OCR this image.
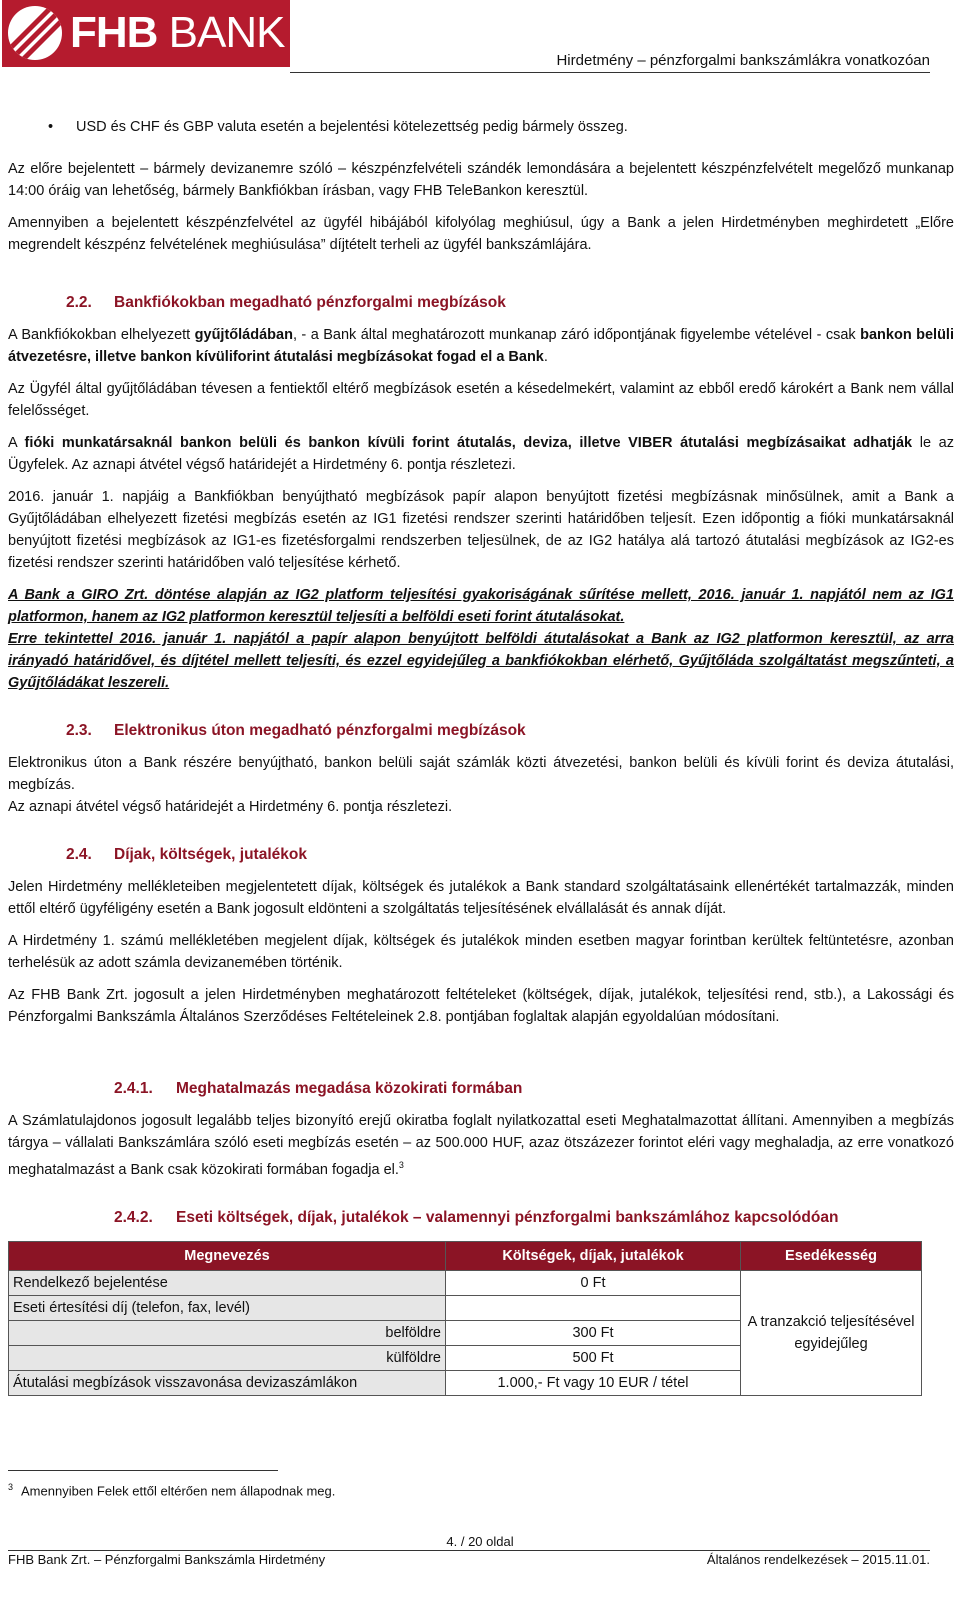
FHB BANK
Hirdetmény – pénzforgalmi bankszámlákra vonatkozóan
•	USD és CHF és GBP valuta esetén a bejelentési kötelezettség pedig bármely összeg.

Az előre bejelentett – bármely devizanemre szóló – készpénzfelvételi szándék lemondására a bejelentett készpénzfelvételt megelőző munkanap 14:00 óráig van lehetőség, bármely Bankfiókban írásban, vagy FHB TeleBankon keresztül.

Amennyiben a bejelentett készpénzfelvétel az ügyfél hibájából kifolyólag meghiúsul, úgy a Bank a jelen Hirdetményben meghirdetett „Előre megrendelt készpénz felvételének meghiúsulása” díjtételt terheli az ügyfél bankszámlájára.

2.2.	Bankfiókokban megadható pénzforgalmi megbízások

A Bankfiókokban elhelyezett gyűjtőládában, - a Bank által meghatározott munkanap záró időpontjának figyelembe vételével - csak bankon belüli átvezetésre, illetve bankon kívüliforint átutalási megbízásokat fogad el a Bank.

Az Ügyfél által gyűjtőládában tévesen a fentiektől eltérő megbízások esetén a késedelmekért, valamint az ebből eredő károkért a Bank nem vállal felelősséget.

A fióki munkatársaknál bankon belüli és bankon kívüli forint átutalás, deviza, illetve VIBER átutalási megbízásaikat adhatják le az Ügyfelek. Az aznapi átvétel végső határidejét a Hirdetmény 6. pontja részletezi.

2016. január 1. napjáig a Bankfiókban benyújtható megbízások papír alapon benyújtott fizetési megbízásnak minősülnek, amit a Bank a Gyűjtőládában elhelyezett fizetési megbízás esetén az IG1 fizetési rendszer szerinti határidőben teljesít. Ezen időpontig a fióki munkatársaknál benyújtott fizetési megbízások az IG1-es fizetésforgalmi rendszerben teljesülnek, de az IG2 hatálya alá tartozó átutalási megbízások az IG2-es fizetési rendszer szerinti határidőben való teljesítése kérhető.

A Bank a GIRO Zrt. döntése alapján az IG2 platform teljesítési gyakoriságának sűrítése mellett, 2016. január 1. napjától nem az IG1 platformon, hanem az IG2 platformon keresztül teljesíti a belföldi eseti forint átutalásokat.

Erre tekintettel 2016. január 1. napjától a papír alapon benyújtott belföldi átutalásokat a Bank az IG2 platformon keresztül, az arra irányadó határidővel, és díjtétel mellett teljesíti, és ezzel egyidejűleg a bankfiókokban elérhető, Gyűjtőláda szolgáltatást megszűnteti, a Gyűjtőládákat leszereli.

2.3.	Elektronikus úton megadható pénzforgalmi megbízások

Elektronikus úton a Bank részére benyújtható, bankon belüli saját számlák közti átvezetési, bankon belüli és kívüli forint és deviza átutalási, megbízás.

Az aznapi átvétel végső határidejét a Hirdetmény 6. pontja részletezi.

2.4.	Díjak, költségek, jutalékok

Jelen Hirdetmény mellékleteiben megjelentetett díjak, költségek és jutalékok a Bank standard szolgáltatásaink ellenértékét tartalmazzák, minden ettől eltérő ügyféligény esetén a Bank jogosult eldönteni a szolgáltatás teljesítésének elvállalását és annak díját.

A Hirdetmény 1. számú mellékletében megjelent díjak, költségek és jutalékok minden esetben magyar forintban kerültek feltüntetésre, azonban terhelésük az adott számla devizanemében történik.

Az FHB Bank Zrt. jogosult a jelen Hirdetményben meghatározott feltételeket (költségek, díjak, jutalékok, teljesítési rend, stb.), a Lakossági és Pénzforgalmi Bankszámla Általános Szerződéses Feltételeinek 2.8. pontjában foglaltak alapján egyoldalúan módosítani.

2.4.1.	Meghatalmazás megadása közokirati formában

A Számlatulajdonos jogosult legalább teljes bizonyító erejű okiratba foglalt nyilatkozattal eseti Meghatalmazottat állítani. Amennyiben a megbízás tárgya – vállalati Bankszámlára szóló eseti megbízás esetén – az 500.000 HUF, azaz ötszázezer forintot eléri vagy meghaladja, az erre vonatkozó meghatalmazást a Bank csak közokirati formában fogadja el.$^3$

2.4.2.	Eseti költségek, díjak, jutalékok – valamennyi pénzforgalmi bankszámlához kapcsolódóan
Megnevezés	Költségek, díjak, jutalékok	Esedékesség
Rendelkező bejelentése	0 Ft	A tranzakció teljesítésével egyidejűleg
Eseti értesítési díj (telefon, fax, levél)		
belföldre	300 Ft	
külföldre	500 Ft	
Átutalási megbízások visszavonása devizaszámlákon	1.000,- Ft vagy 10 EUR / tétel	
$^3$ Amennyiben Felek ettől eltérően nem állapodnak meg.
4. / 20 oldal
FHB Bank Zrt. – Pénzforgalmi Bankszámla Hirdetmény	Általános rendelkezések – 2015.11.01.
